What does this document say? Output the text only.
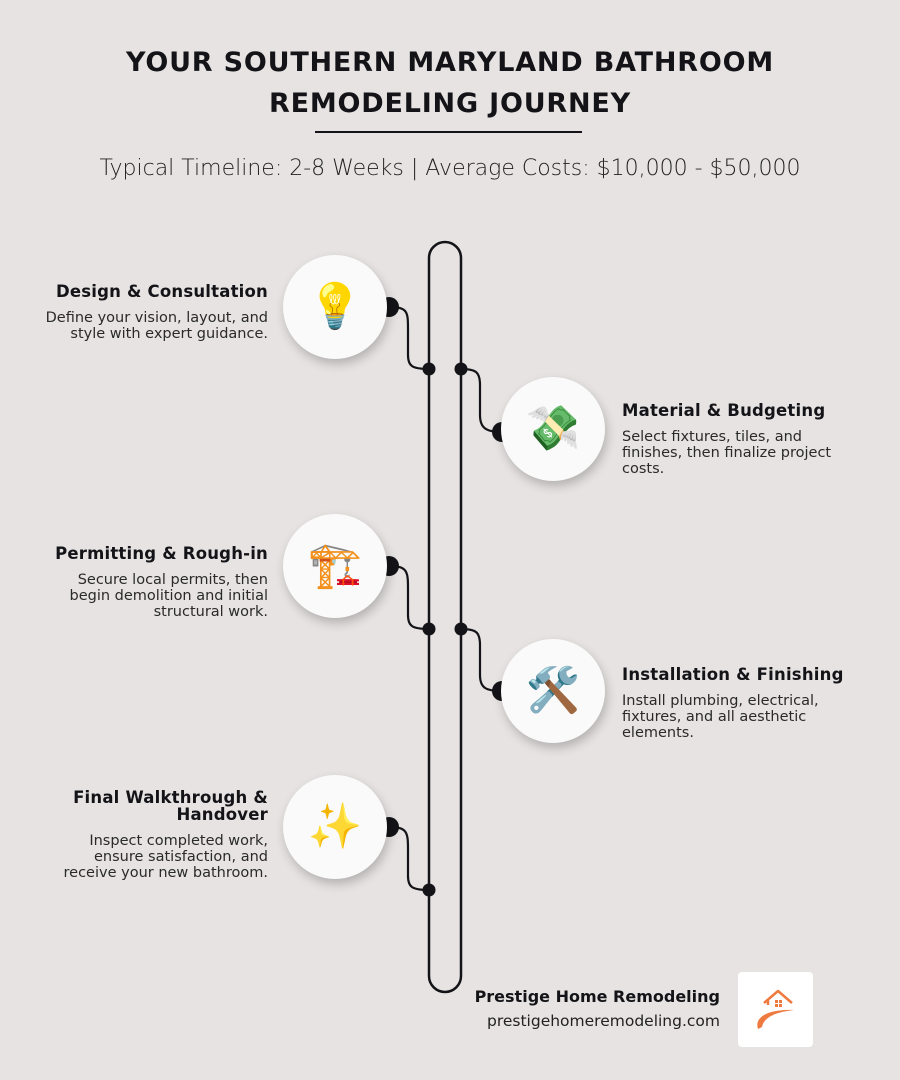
YOUR SOUTHERN MARYLAND BATHROOM
REMODELING JOURNEY
Typical Timeline: 2-8 Weeks | Average Costs: $10,000 - $50,000
💡
Design & Consultation
Define your vision, layout, and style with expert guidance.
💸	Material & Budgeting
Select fixtures, tiles, and finishes, then finalize project costs.
🏗️
Permitting & Rough-in
Secure local permits, then begin demolition and initial structural work.
🛠️	Installation & Finishing
Install plumbing, electrical, fixtures, and all aesthetic elements.
✨
Final Walkthrough & Handover
Inspect completed work, ensure satisfaction, and receive your new bathroom.
Prestige Home Remodeling
prestigehomeremodeling.com
